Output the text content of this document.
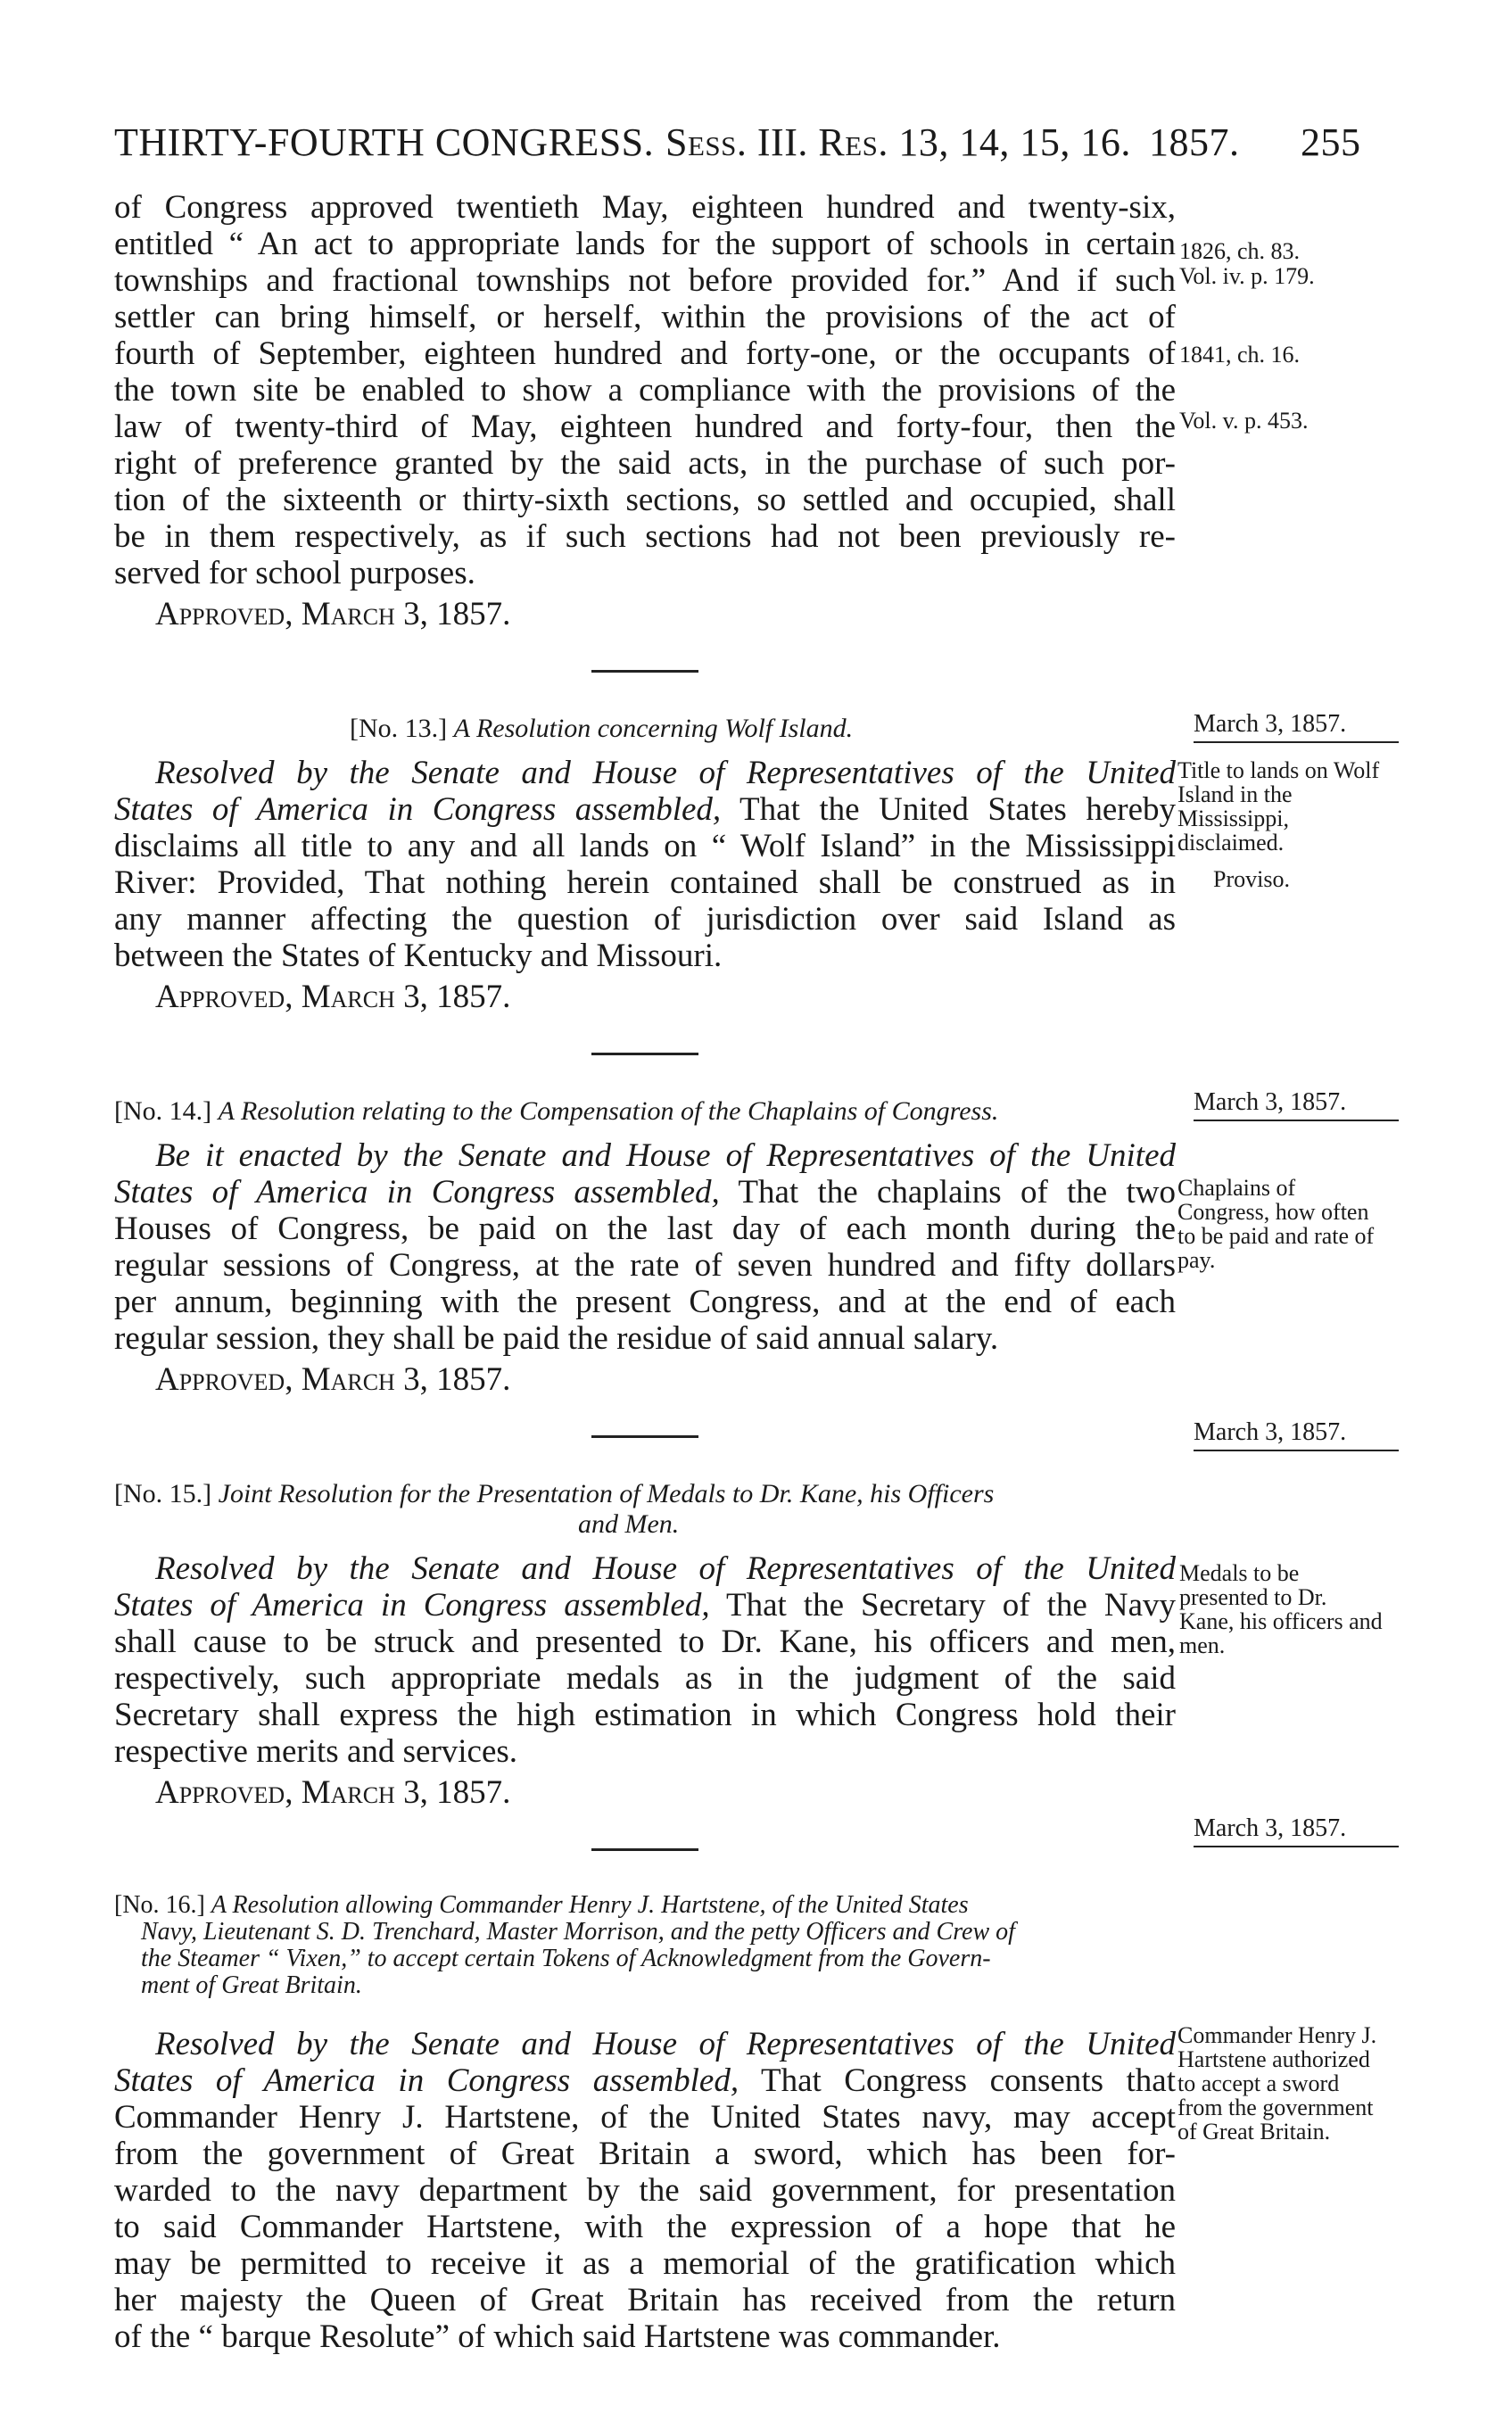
THIRTY-FOURTH CONGRESS. Sess. III. Res. 13, 14, 15, 16. 1857. 255
1826, ch. 83.
Vol. iv. p. 179.
1841, ch. 16.
Vol. v. p. 453.
March 3, 1857.
Title to lands on Wolf Island in the Mississippi, disclaimed.
Proviso.
March 3, 1857.
Chaplains of Congress, how often to be paid and rate of pay.
March 3, 1857.
Medals to be presented to Dr. Kane, his officers and men.
March 3, 1857.
Commander Henry J. Hartstene authorized to accept a sword from the government of Great Britain.
of Congress approved twentieth May, eighteen hundred and twenty-six,
entitled “ An act to appropriate lands for the support of schools in certain
townships and fractional townships not before provided for.” And if such
settler can bring himself, or herself, within the provisions of the act of
fourth of September, eighteen hundred and forty-one, or the occupants of
the town site be enabled to show a compliance with the provisions of the
law of twenty-third of May, eighteen hundred and forty-four, then the
right of preference granted by the said acts, in the purchase of such por-
tion of the sixteenth or thirty-sixth sections, so settled and occupied, shall
be in them respectively, as if such sections had not been previously re-
served for school purposes.
Approved, March 3, 1857.
[No. 13.] A Resolution concerning Wolf Island.
Resolved by the Senate and House of Representatives of the United
States of America in Congress assembled, That the United States hereby
disclaims all title to any and all lands on “ Wolf Island” in the Mississippi
River: Provided, That nothing herein contained shall be construed as in
any manner affecting the question of jurisdiction over said Island as
between the States of Kentucky and Missouri.
Approved, March 3, 1857.
[No. 14.] A Resolution relating to the Compensation of the Chaplains of Congress.
Be it enacted by the Senate and House of Representatives of the United
States of America in Congress assembled, That the chaplains of the two
Houses of Congress, be paid on the last day of each month during the
regular sessions of Congress, at the rate of seven hundred and fifty dollars
per annum, beginning with the present Congress, and at the end of each
regular session, they shall be paid the residue of said annual salary.
Approved, March 3, 1857.
[No. 15.] Joint Resolution for the Presentation of Medals to Dr. Kane, his Officers
and Men.
Resolved by the Senate and House of Representatives of the United
States of America in Congress assembled, That the Secretary of the Navy
shall cause to be struck and presented to Dr. Kane, his officers and men,
respectively, such appropriate medals as in the judgment of the said
Secretary shall express the high estimation in which Congress hold their
respective merits and services.
Approved, March 3, 1857.
[No. 16.] A Resolution allowing Commander Henry J. Hartstene, of the United States
Navy, Lieutenant S. D. Trenchard, Master Morrison, and the petty Officers and Crew of
the Steamer “ Vixen,” to accept certain Tokens of Acknowledgment from the Govern-
ment of Great Britain.
Resolved by the Senate and House of Representatives of the United
States of America in Congress assembled, That Congress consents that
Commander Henry J. Hartstene, of the United States navy, may accept
from the government of Great Britain a sword, which has been for-
warded to the navy department by the said government, for presentation
to said Commander Hartstene, with the expression of a hope that he
may be permitted to receive it as a memorial of the gratification which
her majesty the Queen of Great Britain has received from the return
of the “ barque Resolute” of which said Hartstene was commander.
